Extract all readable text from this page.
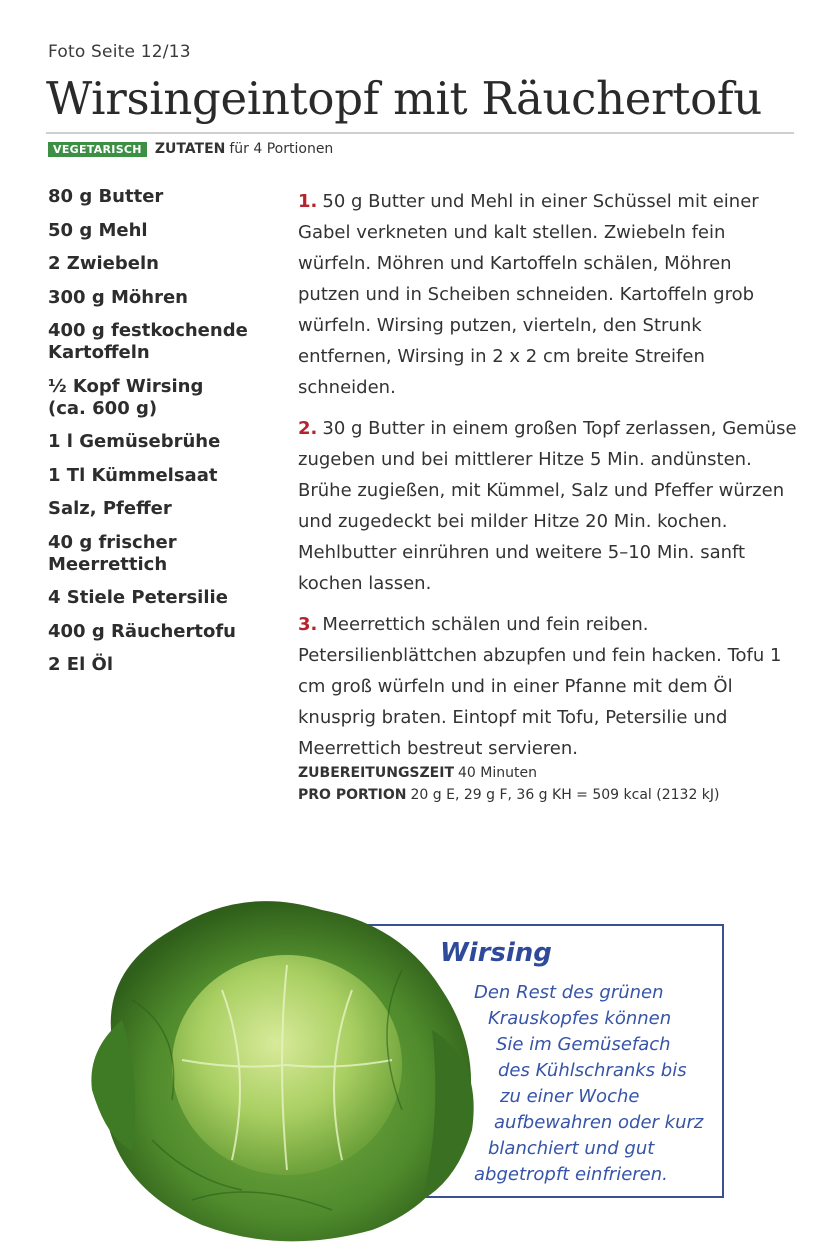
Foto Seite 12/13
Wirsingeintopf mit Räuchertofu
VEGETARISCH ZUTATEN für 4 Portionen
80 g Butter
50 g Mehl
2 Zwiebeln
300 g Möhren
400 g festkochende Kartoffeln
½ Kopf Wirsing (ca. 600 g)
1 l Gemüsebrühe
1 Tl Kümmelsaat
Salz, Pfeffer
40 g frischer Meerrettich
4 Stiele Petersilie
400 g Räuchertofu
2 El Öl

1. 50 g Butter und Mehl in einer Schüssel mit einer Gabel verkneten und kalt stellen. Zwiebeln fein würfeln. Möhren und Kartoffeln schälen, Möhren putzen und in Scheiben schneiden. Kartoffeln grob würfeln. Wirsing putzen, vierteln, den Strunk entfernen, Wirsing in 2 x 2 cm breite Streifen schneiden.

2. 30 g Butter in einem großen Topf zerlassen, Gemüse zugeben und bei mittlerer Hitze 5 Min. andünsten. Brühe zugießen, mit Kümmel, Salz und Pfeffer würzen und zugedeckt bei milder Hitze 20 Min. kochen. Mehlbutter einrühren und weitere 5–10 Min. sanft kochen lassen.

3. Meerrettich schälen und fein reiben. Petersilienblättchen abzupfen und fein hacken. Tofu 1 cm groß würfeln und in einer Pfanne mit dem Öl knusprig braten. Eintopf mit Tofu, Petersilie und Meerrettich bestreut servieren.

ZUBEREITUNGSZEIT 40 Minuten
PRO PORTION 20 g E, 29 g F, 36 g KH = 509 kcal (2132 kJ)
Wirsing
Den Rest des grünen
Krauskopfes können
Sie im Gemüsefach
des Kühlschranks bis
zu einer Woche
aufbewahren oder kurz
blanchiert und gut
abgetropft einfrieren.
